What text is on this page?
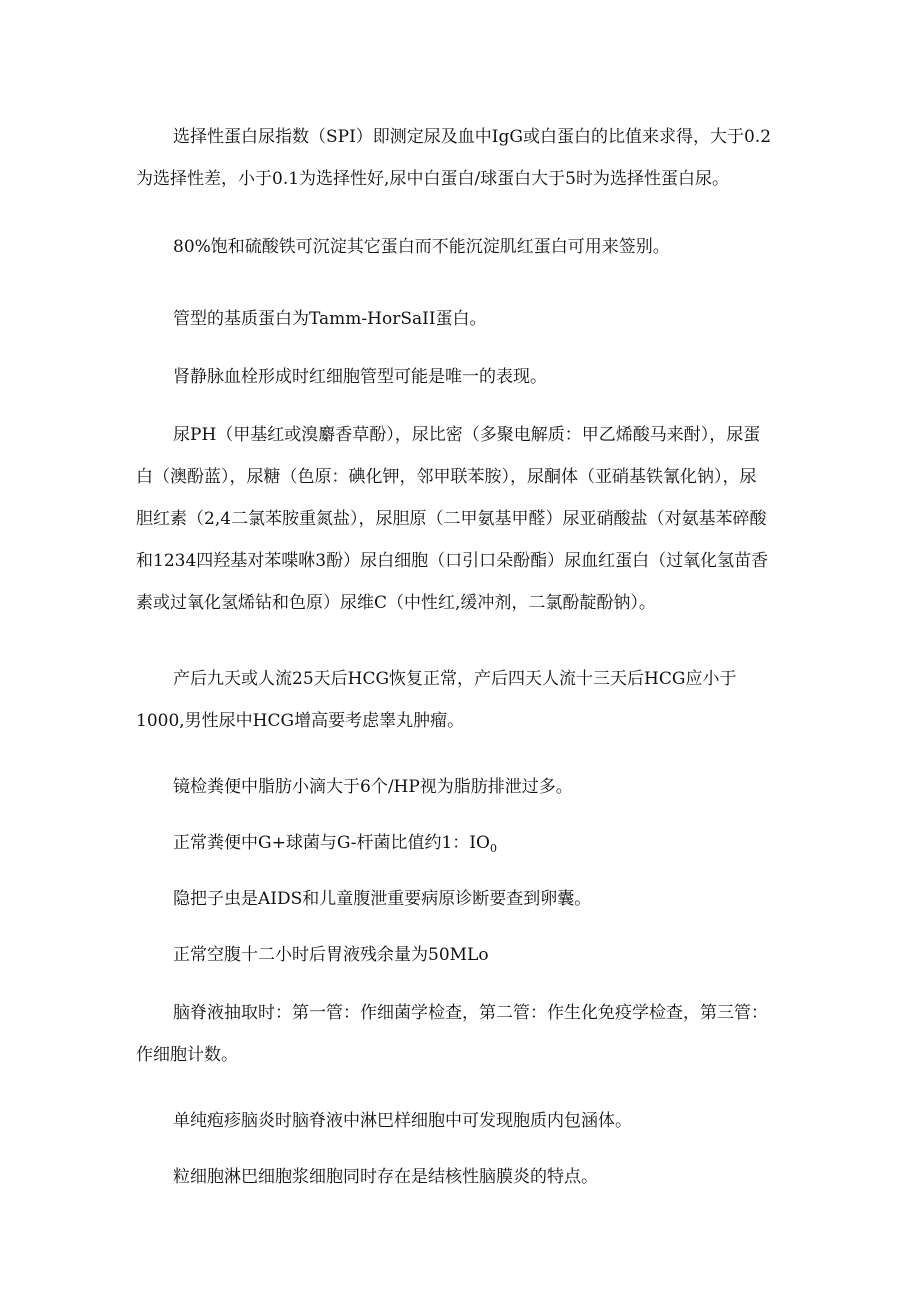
选择性蛋白尿指数（SPI）即测定尿及血中IgG或白蛋白的比值来求得，大于0.2
为选择性差，小于0.1为选择性好,尿中白蛋白/球蛋白大于5时为选择性蛋白尿。

80%饱和硫酸铁可沉淀其它蛋白而不能沉淀肌红蛋白可用来签别。

管型的基质蛋白为Tamm-HorSaII蛋白。

肾静脉血栓形成时红细胞管型可能是唯一的表现。

尿PH（甲基红或溴麝香草酚），尿比密（多聚电解质：甲乙烯酸马来酎），尿蛋
白（澳酚蓝），尿糖（色原：碘化钾，邻甲联苯胺），尿酮体（亚硝基铁氰化钠），尿
胆红素（2,4二氯苯胺重氮盐），尿胆原（二甲氨基甲醛）尿亚硝酸盐（对氨基苯碎酸
和1234四羟基对苯喋咻3酚）尿白细胞（口引口朵酚酯）尿血红蛋白（过氧化氢苗香
素或过氧化氢烯钻和色原）尿维C（中性红,缓冲剂，二氯酚靛酚钠）。

产后九天或人流25天后HCG恢复正常，产后四天人流十三天后HCG应小于
1000,男性尿中HCG增高要考虑睾丸肿瘤。

镜检粪便中脂肪小滴大于6个/HP视为脂肪排泄过多。

正常粪便中G+球菌与G-杆菌比值约1：$IO_0$

隐把子虫是AIDS和儿童腹泄重要病原诊断要查到卵囊。

正常空腹十二小时后胃液残余量为50MLo

脑脊液抽取时：第一管：作细菌学检查，第二管：作生化免疫学检查，第三管：
作细胞计数。

单纯疱疹脑炎时脑脊液中淋巴样细胞中可发现胞质内包涵体。

粒细胞淋巴细胞浆细胞同时存在是结核性脑膜炎的特点。
